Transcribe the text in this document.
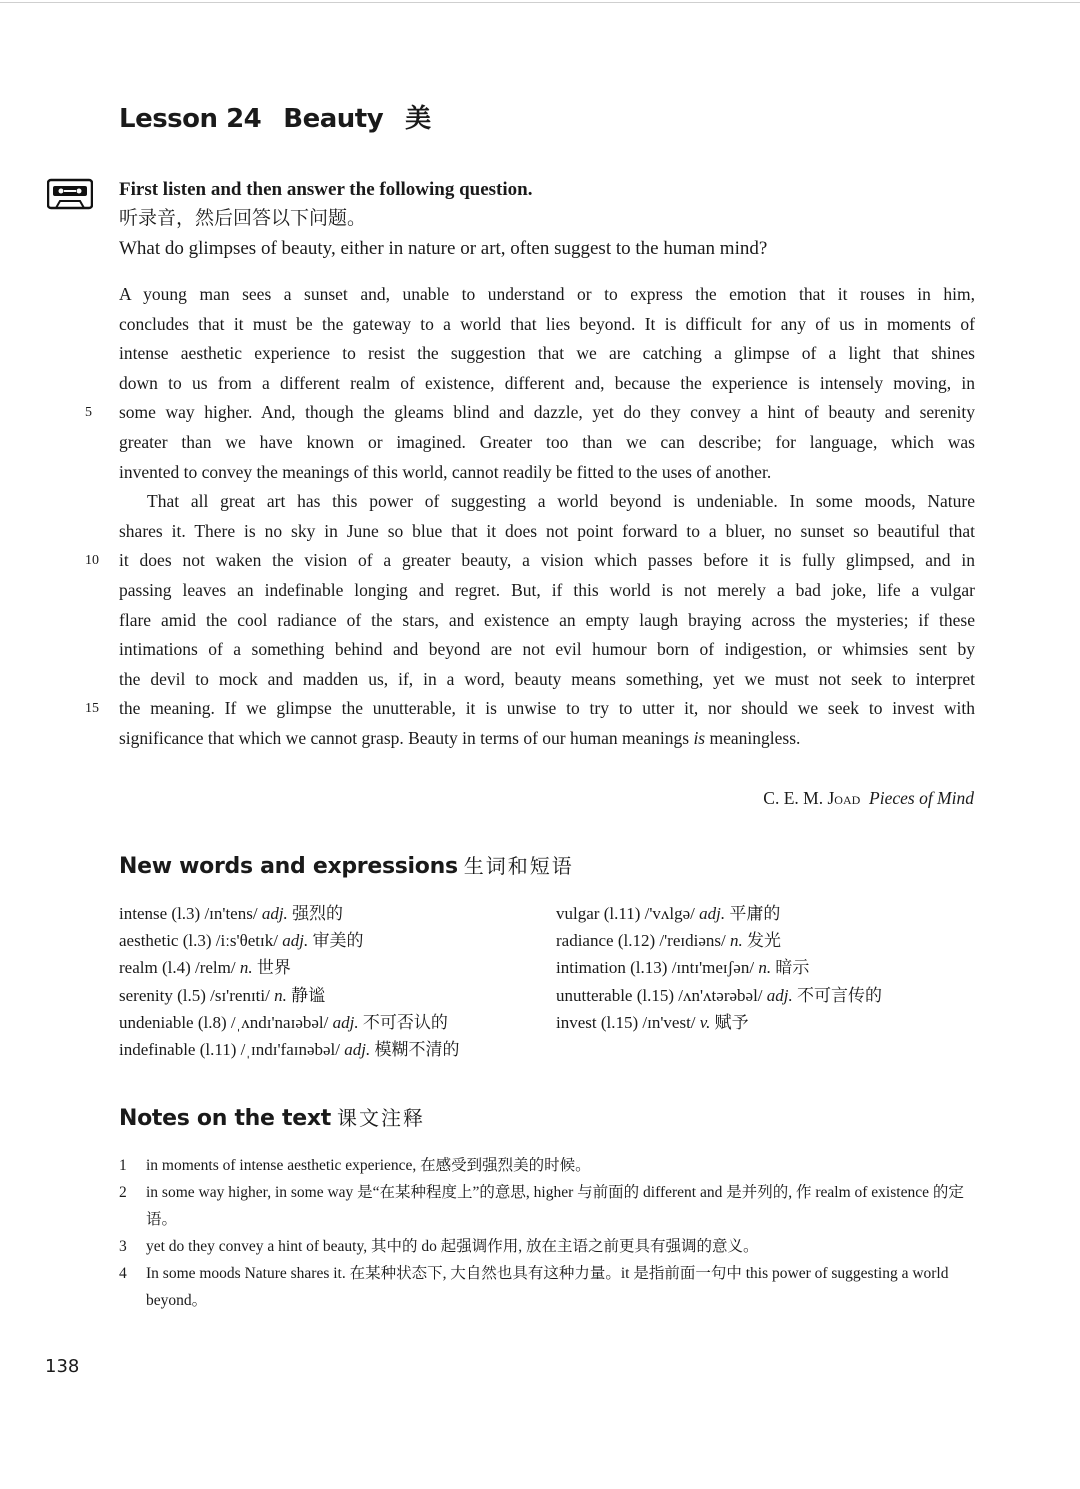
Lesson 24 Beauty 美
First listen and then answer the following question.
听录音，然后回答以下问题。
What do glimpses of beauty, either in nature or art, often suggest to the human mind?
A young man sees a sunset and, unable to understand or to express the emotion that it rouses in him,
concludes that it must be the gateway to a world that lies beyond. It is difficult for any of us in moments of
intense aesthetic experience to resist the suggestion that we are catching a glimpse of a light that shines
down to us from a different realm of existence, different and, because the experience is intensely moving, in
5	some way higher. And, though the gleams blind and dazzle, yet do they convey a hint of beauty and serenity
greater than we have known or imagined. Greater too than we can describe; for language, which was
invented to convey the meanings of this world, cannot readily be fitted to the uses of another.
That all great art has this power of suggesting a world beyond is undeniable. In some moods, Nature
shares it. There is no sky in June so blue that it does not point forward to a bluer, no sunset so beautiful that
10	it does not waken the vision of a greater beauty, a vision which passes before it is fully glimpsed, and in
passing leaves an indefinable longing and regret. But, if this world is not merely a bad joke, life a vulgar
flare amid the cool radiance of the stars, and existence an empty laugh braying across the mysteries; if these
intimations of a something behind and beyond are not evil humour born of indigestion, or whimsies sent by
the devil to mock and madden us, if, in a word, beauty means something, yet we must not seek to interpret
15	the meaning. If we glimpse the unutterable, it is unwise to try to utter it, nor should we seek to invest with
significance that which we cannot grasp. Beauty in terms of our human meanings is meaningless.
C. E. M. Joad Pieces of Mind
New words and expressions 生词和短语
intense (l.3) /ɪn'tens/ adj. 强烈的
aesthetic (l.3) /iːs'θetɪk/ adj. 审美的
realm (l.4) /relm/ n. 世界
serenity (l.5) /sɪ'renɪti/ n. 静谧
undeniable (l.8) /ˌʌndɪ'naɪəbəl/ adj. 不可否认的
indefinable (l.11) /ˌɪndɪ'faɪnəbəl/ adj. 模糊不清的
vulgar (l.11) /'vʌlgə/ adj. 平庸的
radiance (l.12) /'reɪdiəns/ n. 发光
intimation (l.13) /ɪntɪ'meɪʃən/ n. 暗示
unutterable (l.15) /ʌn'ʌtərəbəl/ adj. 不可言传的
invest (l.15) /ɪn'vest/ v. 赋予
Notes on the text 课文注释
1 in moments of intense aesthetic experience, 在感受到强烈美的时候。
2 in some way higher, in some way 是“在某种程度上”的意思, higher 与前面的 different and 是并列的, 作 realm of existence 的定语。
3 yet do they convey a hint of beauty, 其中的 do 起强调作用, 放在主语之前更具有强调的意义。
4 In some moods Nature shares it. 在某种状态下, 大自然也具有这种力量。it 是指前面一句中 this power of suggesting a world beyond。
138
